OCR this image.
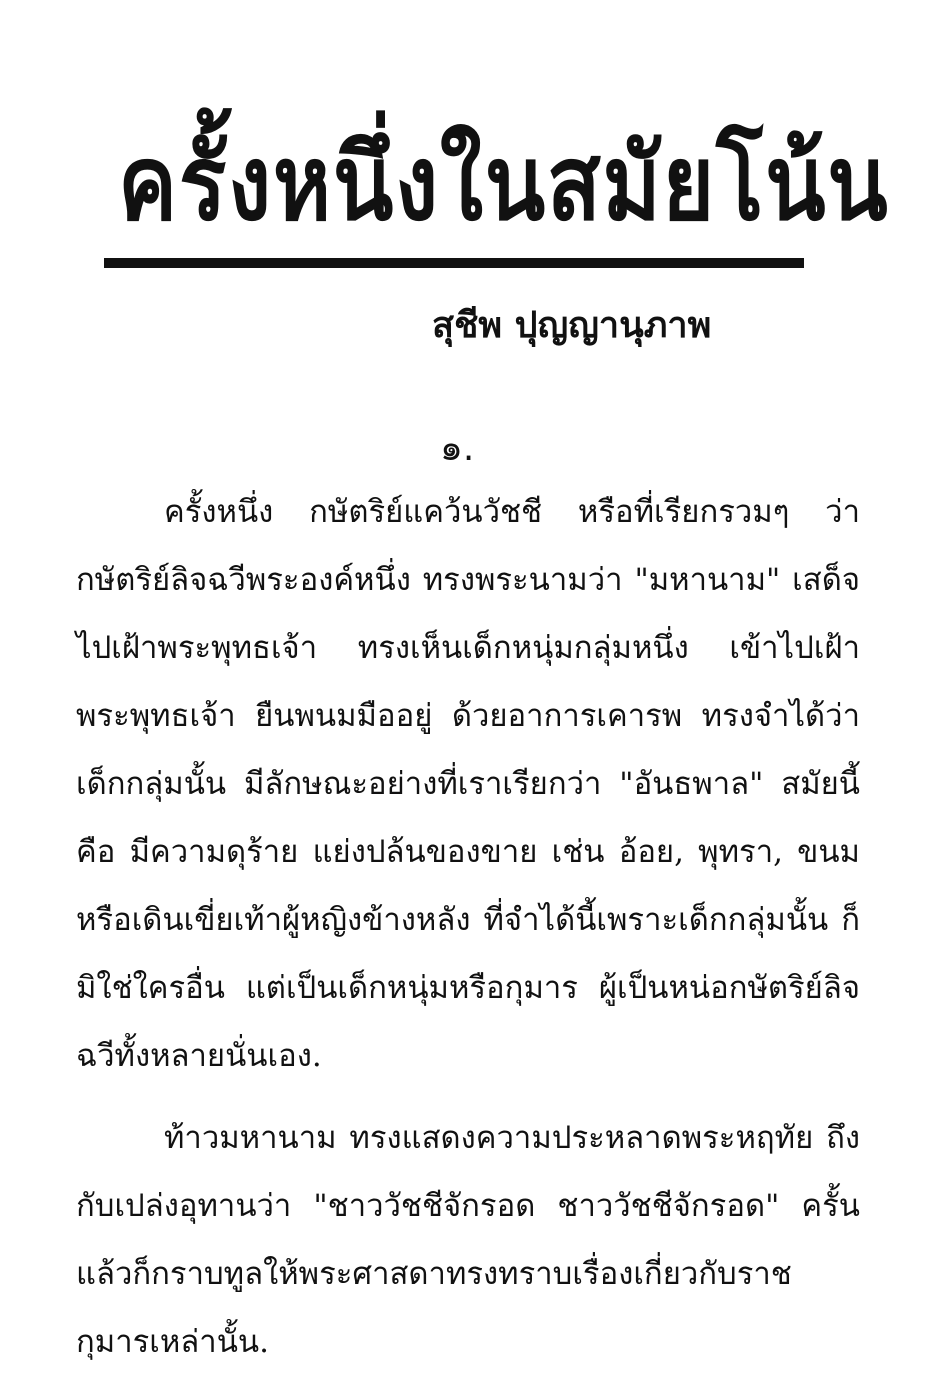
ครั้งหนึ่งในสมัยโน้น
สุชีพ ปุญญานุภาพ
๑.

ครั้งหนึ่ง กษัตริย์แคว้นวัชชี หรือที่เรียกรวมๆ ว่า กษัตริย์ลิจฉวีพระองค์หนึ่ง ทรงพระนามว่า "มหานาม" เสด็จไปเฝ้าพระพุทธเจ้า ทรงเห็นเด็กหนุ่มกลุ่มหนึ่ง เข้าไปเฝ้าพระพุทธเจ้า ยืนพนมมืออยู่ ด้วยอาการเคารพ ทรงจำได้ว่าเด็กกลุ่มนั้น มีลักษณะอย่างที่เราเรียกว่า "อันธพาล" สมัยนี้ คือ มีความดุร้าย แย่งปล้นของขาย เช่น อ้อย, พุทรา, ขนม หรือเดินเขี่ยเท้าผู้หญิงข้างหลัง ที่จำได้นี้เพราะเด็กกลุ่มนั้น ก็มิใช่ใครอื่น แต่เป็นเด็กหนุ่มหรือกุมาร ผู้เป็นหน่อกษัตริย์ลิจฉวีทั้งหลายนั่นเอง.

ท้าวมหานาม ทรงแสดงความประหลาดพระหฤทัย ถึงกับเปล่งอุทานว่า "ชาววัชชีจักรอด ชาววัชชีจักรอด" ครั้นแล้วก็กราบทูลให้พระศาสดาทรงทราบเรื่องเกี่ยวกับราชกุมารเหล่านั้น.
